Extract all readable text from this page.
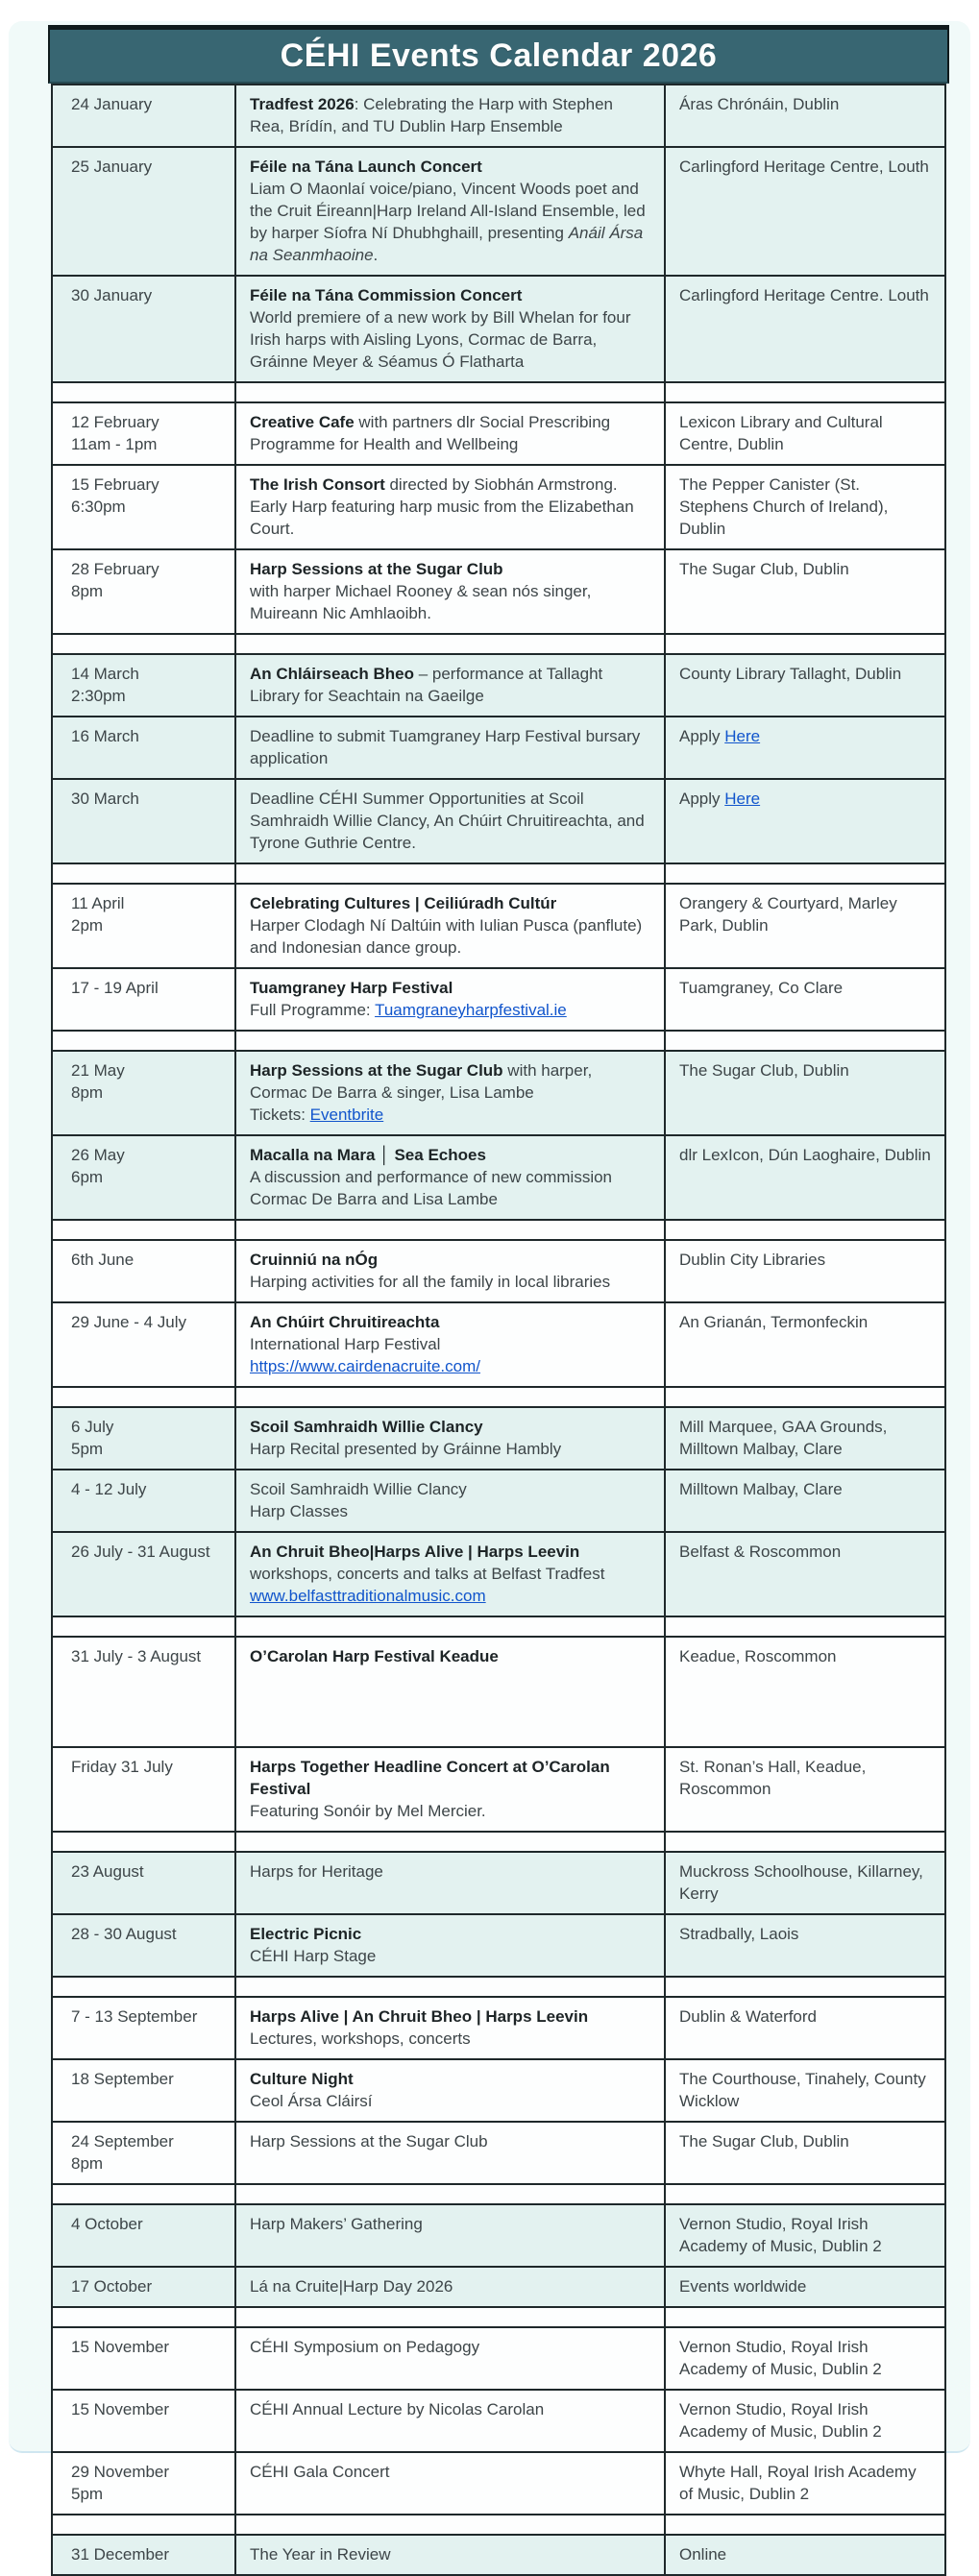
CÉHI Events Calendar 2026
24 January	Tradfest 2026: Celebrating the Harp with Stephen Rea, Brídín, and TU Dublin Harp Ensemble	Áras Chrónáin, Dublin

25 January	Féile na Tána Launch Concert
Liam O Maonlaí voice/piano, Vincent Woods poet and the Cruit Éireann|Harp Ireland All-Island Ensemble, led by harper Síofra Ní Dhubhghaill, presenting Anáil Ársa na Seanmhaoine.	Carlingford Heritage Centre, Louth

30 January	Féile na Tána Commission Concert
World premiere of a new work by Bill Whelan for four Irish harps with Aisling Lyons, Cormac de Barra, Gráinne Meyer & Séamus Ó Flatharta	Carlingford Heritage Centre. Louth

12 February
11am - 1pm	Creative Cafe with partners dlr Social Prescribing Programme for Health and Wellbeing	Lexicon Library and Cultural Centre, Dublin

15 February
6:30pm	The Irish Consort directed by Siobhán Armstrong. Early Harp featuring harp music from the Elizabethan Court.	The Pepper Canister (St. Stephens Church of Ireland), Dublin

28 February
8pm
	Harp Sessions at the Sugar Club
with harper Michael Rooney & sean nós singer, Muireann Nic Amhlaoibh.	The Sugar Club, Dublin

14 March
2:30pm	An Chláirseach Bheo – performance at Tallaght Library for Seachtain na Gaeilge	County Library Tallaght, Dublin

16 March	Deadline to submit Tuamgraney Harp Festival bursary application	Apply Here

30 March	Deadline CÉHI Summer Opportunities at Scoil Samhraidh Willie Clancy, An Chúirt Chruitireachta, and Tyrone Guthrie Centre.	Apply Here

11 April
2pm
	Celebrating Cultures | Ceiliúradh Cultúr
Harper Clodagh Ní Daltúin with Iulian Pusca (panflute) and Indonesian dance group.	Orangery & Courtyard, Marley Park, Dublin

17 - 19 April	Tuamgraney Harp Festival
Full Programme: Tuamgraneyharpfestival.ie	Tuamgraney, Co Clare

21 May
8pm
	Harp Sessions at the Sugar Club with harper, Cormac De Barra & singer, Lisa Lambe
Tickets: Eventbrite	The Sugar Club, Dublin

26 May
6pm
	Macalla na Mara │ Sea Echoes
A discussion and performance of new commission Cormac De Barra and Lisa Lambe	dlr LexIcon, Dún Laoghaire, Dublin

6th June	Cruinniú na nÓg
Harping activities for all the family in local libraries	Dublin City Libraries

29 June - 4 July	An Chúirt Chruitireachta
International Harp Festival
https://www.cairdenacruite.com/	An Grianán, Termonfeckin

6 July
5pm
	Scoil Samhraidh Willie Clancy
Harp Recital presented by Gráinne Hambly	Mill Marquee, GAA Grounds, Milltown Malbay, Clare

4 - 12 July	Scoil Samhraidh Willie Clancy
Harp Classes	Milltown Malbay, Clare

26 July - 31 August	An Chruit Bheo|Harps Alive | Harps Leevin
workshops, concerts and talks at Belfast Tradfest
www.belfasttraditionalmusic.com	Belfast & Roscommon

31 July - 3 August	O’Carolan Harp Festival Keadue	Keadue, Roscommon

Friday 31 July	Harps Together Headline Concert at O’Carolan Festival
Featuring Sonóir by Mel Mercier.	St. Ronan’s Hall, Keadue, Roscommon

23 August	Harps for Heritage	Muckross Schoolhouse, Killarney, Kerry

28 - 30 August	Electric Picnic
CÉHI Harp Stage	Stradbally, Laois

7 - 13 September	Harps Alive | An Chruit Bheo | Harps Leevin
Lectures, workshops, concerts	Dublin & Waterford

18 September	Culture Night
Ceol Ársa Cláirsí	The Courthouse, Tinahely, County Wicklow

24 September
8pm	Harp Sessions at the Sugar Club	The Sugar Club, Dublin

4 October	Harp Makers’ Gathering	Vernon Studio, Royal Irish Academy of Music, Dublin 2

17 October	Lá na Cruite|Harp Day 2026	Events worldwide

15 November	CÉHI Symposium on Pedagogy	Vernon Studio, Royal Irish Academy of Music, Dublin 2

15 November	CÉHI Annual Lecture by Nicolas Carolan	Vernon Studio, Royal Irish Academy of Music, Dublin 2

29 November
5pm	CÉHI Gala Concert	Whyte Hall, Royal Irish Academy of Music, Dublin 2

31 December	The Year in Review	Online
